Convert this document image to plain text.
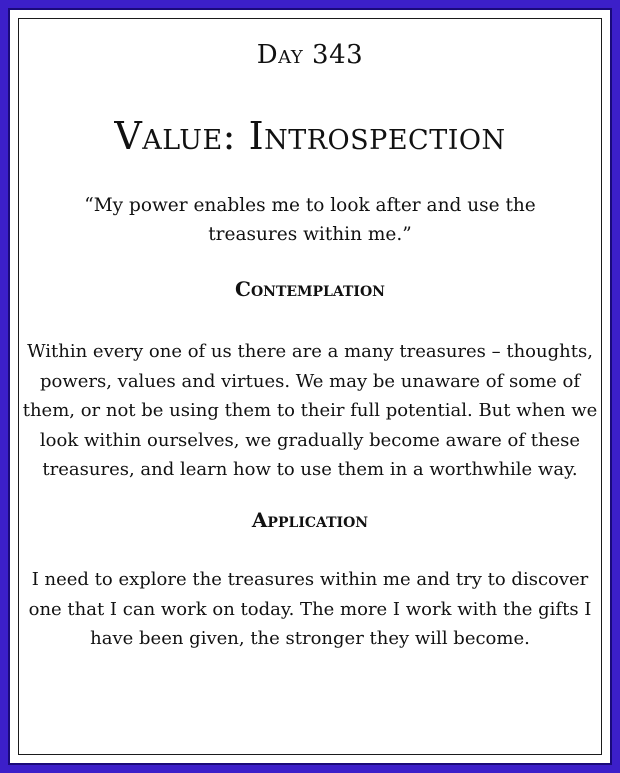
Day 343
Value: Introspection
“My power enables me to look after and use the treasures within me.”
Contemplation
Within every one of us there are a many treasures – thoughts, powers, values and virtues. We may be unaware of some of them, or not be using them to their full potential. But when we look within ourselves, we gradually become aware of these treasures, and learn how to use them in a worthwhile way.
Application
I need to explore the treasures within me and try to discover one that I can work on today. The more I work with the gifts I have been given, the stronger they will become.
